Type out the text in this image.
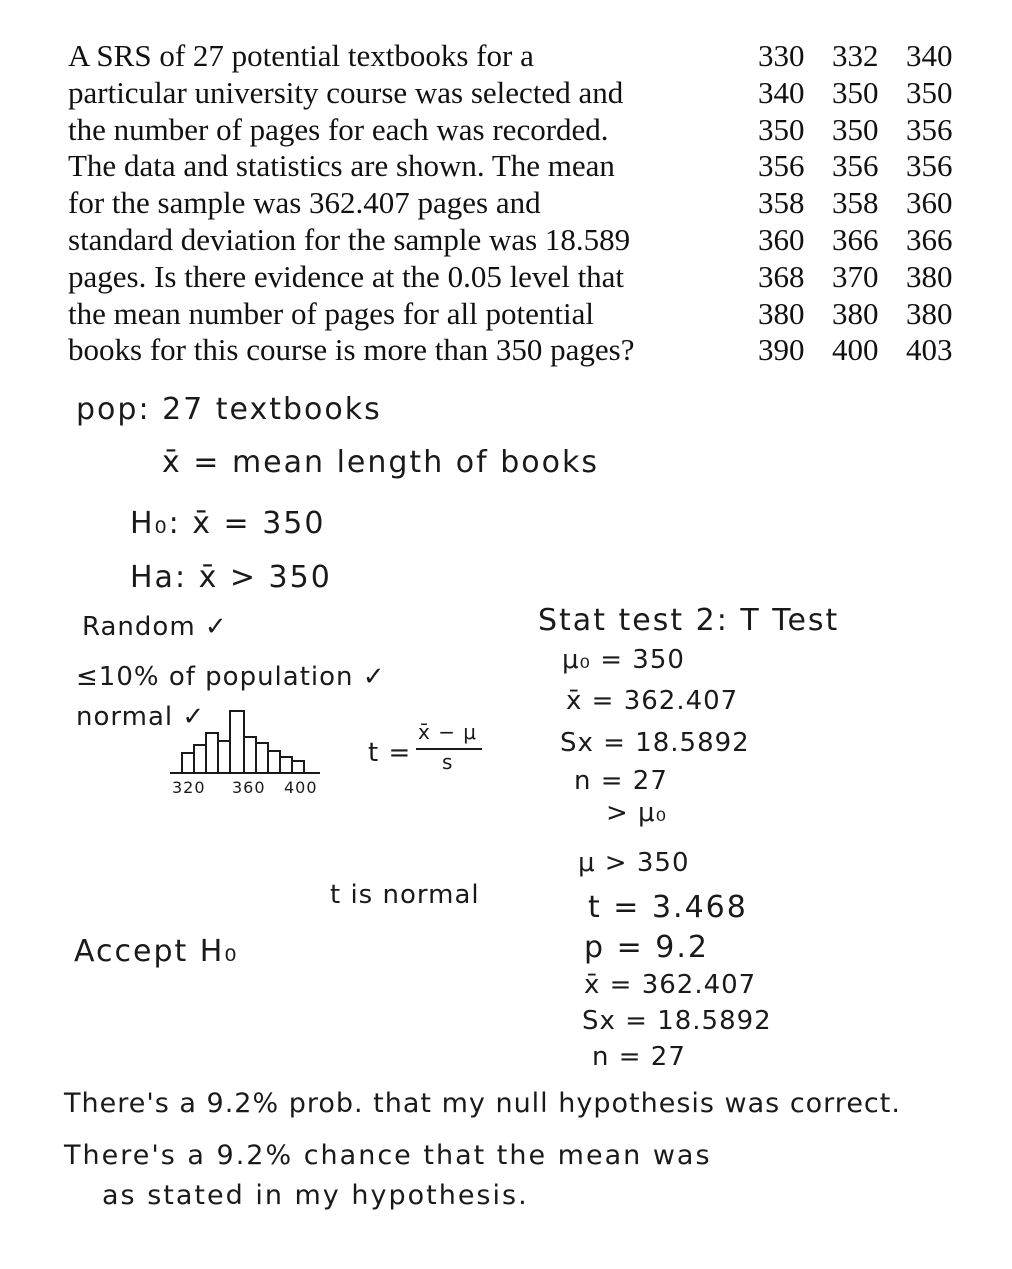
A SRS of 27 potential textbooks for a
particular university course was selected and
the number of pages for each was recorded.
The data and statistics are shown. The mean
for the sample was 362.407 pages and
standard deviation for the sample was 18.589
pages. Is there evidence at the 0.05 level that
the mean number of pages for all potential
books for this course is more than 350 pages?
330	332	340
340	350	350
350	350	356
356	356	356
358	358	360
360	366	366
368	370	380
380	380	380
390	400	403
pop: 27 textbooks
x̄ = mean length of books
H₀: x̄ = 350
Ha: x̄ > 350
Random ✓
≤10% of population ✓
normal ✓
320 360 400
t =
x̄ − μ
s
t is normal
Accept H₀
Stat test 2: T Test
μ₀ = 350
x̄ = 362.407
Sx = 18.5892
n = 27
> μ₀
μ > 350
t = 3.468
p = 9.2
x̄ = 362.407
Sx = 18.5892
n = 27
There's a 9.2% prob. that my null hypothesis was correct.
There's a 9.2% chance that the mean was
as stated in my hypothesis.
